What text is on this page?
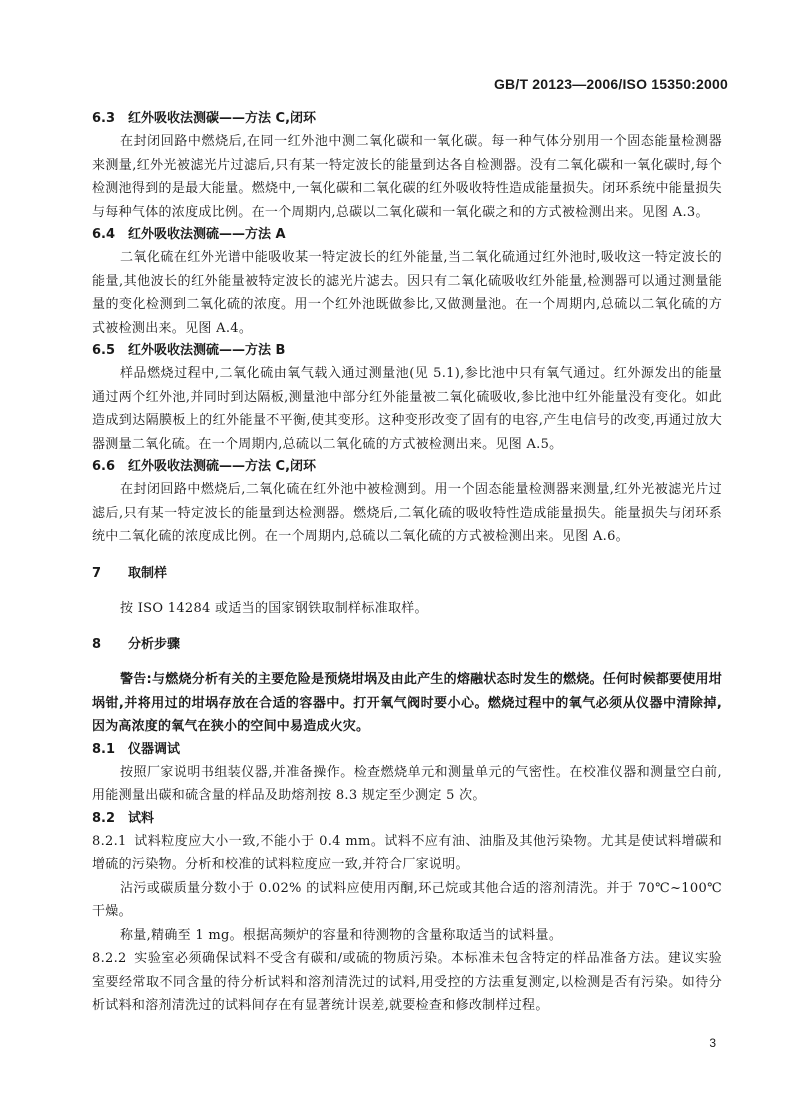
GB/T 20123—2006/ISO 15350:2000

6.3 红外吸收法测碳——方法 C,闭环

在封闭回路中燃烧后,在同一红外池中测二氧化碳和一氧化碳。每一种气体分别用一个固态能量检测器来测量,红外光被滤光片过滤后,只有某一特定波长的能量到达各自检测器。没有二氧化碳和一氧化碳时,每个检测池得到的是最大能量。燃烧中,一氧化碳和二氧化碳的红外吸收特性造成能量损失。闭环系统中能量损失与每种气体的浓度成比例。在一个周期内,总碳以二氧化碳和一氧化碳之和的方式被检测出来。见图 A.3。

6.4 红外吸收法测硫——方法 A

二氧化硫在红外光谱中能吸收某一特定波长的红外能量,当二氧化硫通过红外池时,吸收这一特定波长的能量,其他波长的红外能量被特定波长的滤光片滤去。因只有二氧化硫吸收红外能量,检测器可以通过测量能量的变化检测到二氧化硫的浓度。用一个红外池既做参比,又做测量池。在一个周期内,总硫以二氧化硫的方式被检测出来。见图 A.4。

6.5 红外吸收法测硫——方法 B

样品燃烧过程中,二氧化硫由氧气载入通过测量池(见 5.1),参比池中只有氧气通过。红外源发出的能量通过两个红外池,并同时到达隔板,测量池中部分红外能量被二氧化硫吸收,参比池中红外能量没有变化。如此造成到达隔膜板上的红外能量不平衡,使其变形。这种变形改变了固有的电容,产生电信号的改变,再通过放大器测量二氧化硫。在一个周期内,总硫以二氧化硫的方式被检测出来。见图 A.5。

6.6 红外吸收法测硫——方法 C,闭环

在封闭回路中燃烧后,二氧化硫在红外池中被检测到。用一个固态能量检测器来测量,红外光被滤光片过滤后,只有某一特定波长的能量到达检测器。燃烧后,二氧化硫的吸收特性造成能量损失。能量损失与闭环系统中二氧化硫的浓度成比例。在一个周期内,总硫以二氧化硫的方式被检测出来。见图 A.6。

7 取制样

按 ISO 14284 或适当的国家钢铁取制样标准取样。

8 分析步骤

警告:与燃烧分析有关的主要危险是预烧坩埚及由此产生的熔融状态时发生的燃烧。任何时候都要使用坩埚钳,并将用过的坩埚存放在合适的容器中。打开氧气阀时要小心。燃烧过程中的氧气必须从仪器中清除掉,因为高浓度的氧气在狭小的空间中易造成火灾。

8.1 仪器调试

按照厂家说明书组装仪器,并准备操作。检查燃烧单元和测量单元的气密性。在校准仪器和测量空白前,用能测量出碳和硫含量的样品及助熔剂按 8.3 规定至少测定 5 次。

8.2 试料

8.2.1 试料粒度应大小一致,不能小于 0.4 mm。试料不应有油、油脂及其他污染物。尤其是使试料增碳和增硫的污染物。分析和校准的试料粒度应一致,并符合厂家说明。

沾污或碳质量分数小于 0.02% 的试料应使用丙酮,环己烷或其他合适的溶剂清洗。并于 70℃~100℃干燥。

称量,精确至 1 mg。根据高频炉的容量和待测物的含量称取适当的试料量。

8.2.2 实验室必须确保试料不受含有碳和/或硫的物质污染。本标准未包含特定的样品准备方法。建议实验室要经常取不同含量的待分析试料和溶剂清洗过的试料,用受控的方法重复测定,以检测是否有污染。如待分析试料和溶剂清洗过的试料间存在有显著统计误差,就要检查和修改制样过程。

3
